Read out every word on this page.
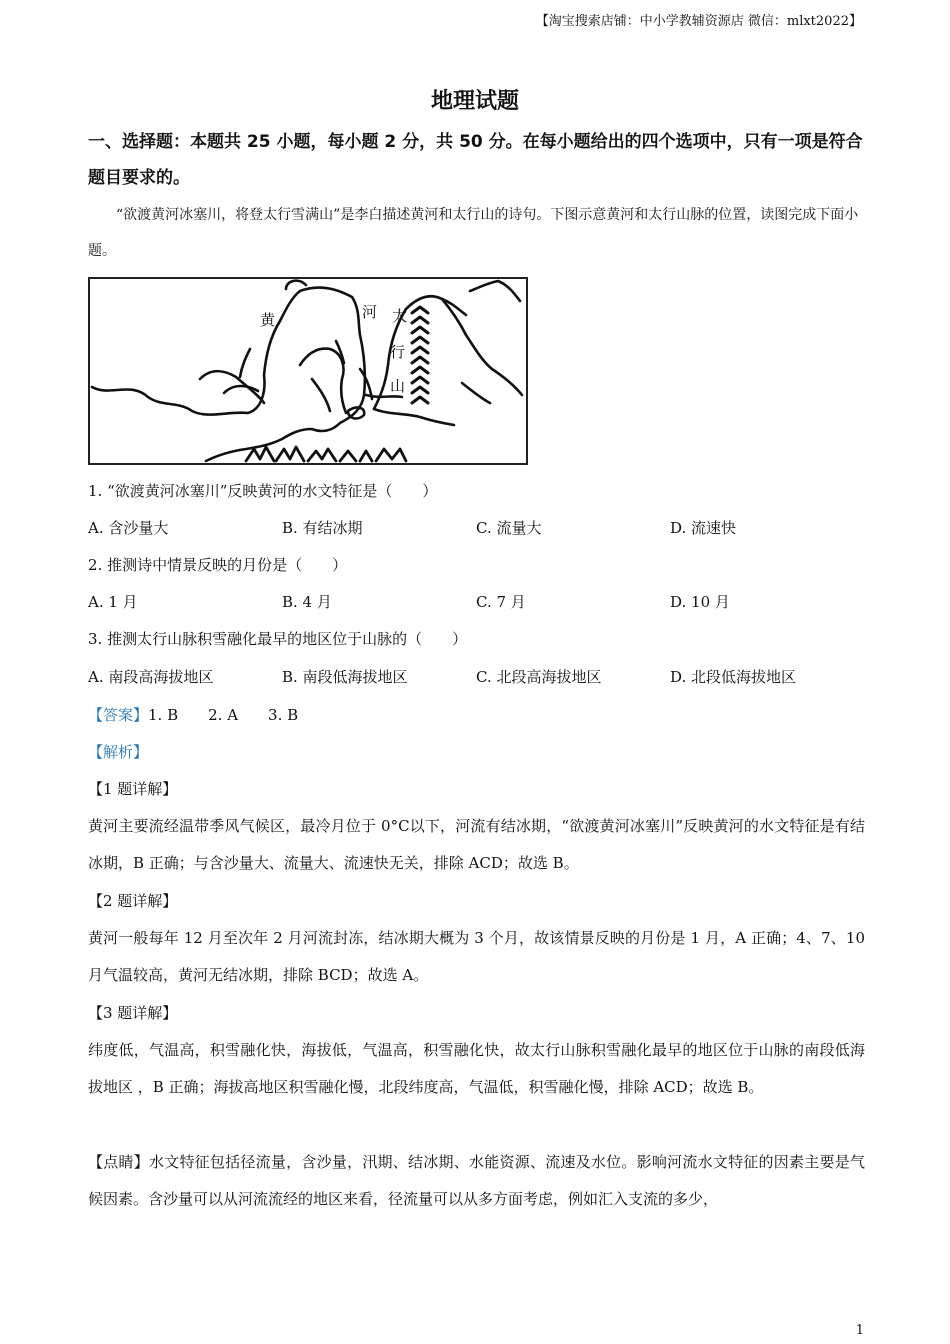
【淘宝搜索店铺：中小学教辅资源店 微信：mlxt2022】
地理试题
一、选择题：本题共 25 小题，每小题 2 分，共 50 分。在每小题给出的四个选项中，只有一项是符合题目要求的。
“欲渡黄河冰塞川，将登太行雪满山”是李白描述黄河和太行山的诗句。下图示意黄河和太行山脉的位置，读图完成下面小题。
黄	河 太
行
山
1. “欲渡黄河冰塞川”反映黄河的水文特征是（　　）
A. 含沙量大	B. 有结冰期	C. 流量大	D. 流速快
2. 推测诗中情景反映的月份是（　　）
A. 1 月	B. 4 月	C. 7 月	D. 10 月
3. 推测太行山脉积雪融化最早的地区位于山脉的（　　）
A. 南段高海拔地区	B. 南段低海拔地区	C. 北段高海拔地区	D. 北段低海拔地区
【答案】1. B　　2. A　　3. B
【解析】
【1 题详解】
黄河主要流经温带季风气候区，最冷月位于 0°C以下，河流有结冰期，“欲渡黄河冰塞川”反映黄河的水文特征是有结冰期，B 正确；与含沙量大、流量大、流速快无关，排除 ACD；故选 B。
【2 题详解】
黄河一般每年 12 月至次年 2 月河流封冻，结冰期大概为 3 个月，故该情景反映的月份是 1 月，A 正确；4、7、10 月气温较高，黄河无结冰期，排除 BCD；故选 A。
【3 题详解】
纬度低，气温高，积雪融化快，海拔低，气温高，积雪融化快，故太行山脉积雪融化最早的地区位于山脉的南段低海拔地区 ，B 正确；海拔高地区积雪融化慢，北段纬度高，气温低，积雪融化慢，排除 ACD；故选 B。
【点睛】水文特征包括径流量，含沙量，汛期、结冰期、水能资源、流速及水位。影响河流水文特征的因素主要是气候因素。含沙量可以从河流流经的地区来看，径流量可以从多方面考虑，例如汇入支流的多少，
1
